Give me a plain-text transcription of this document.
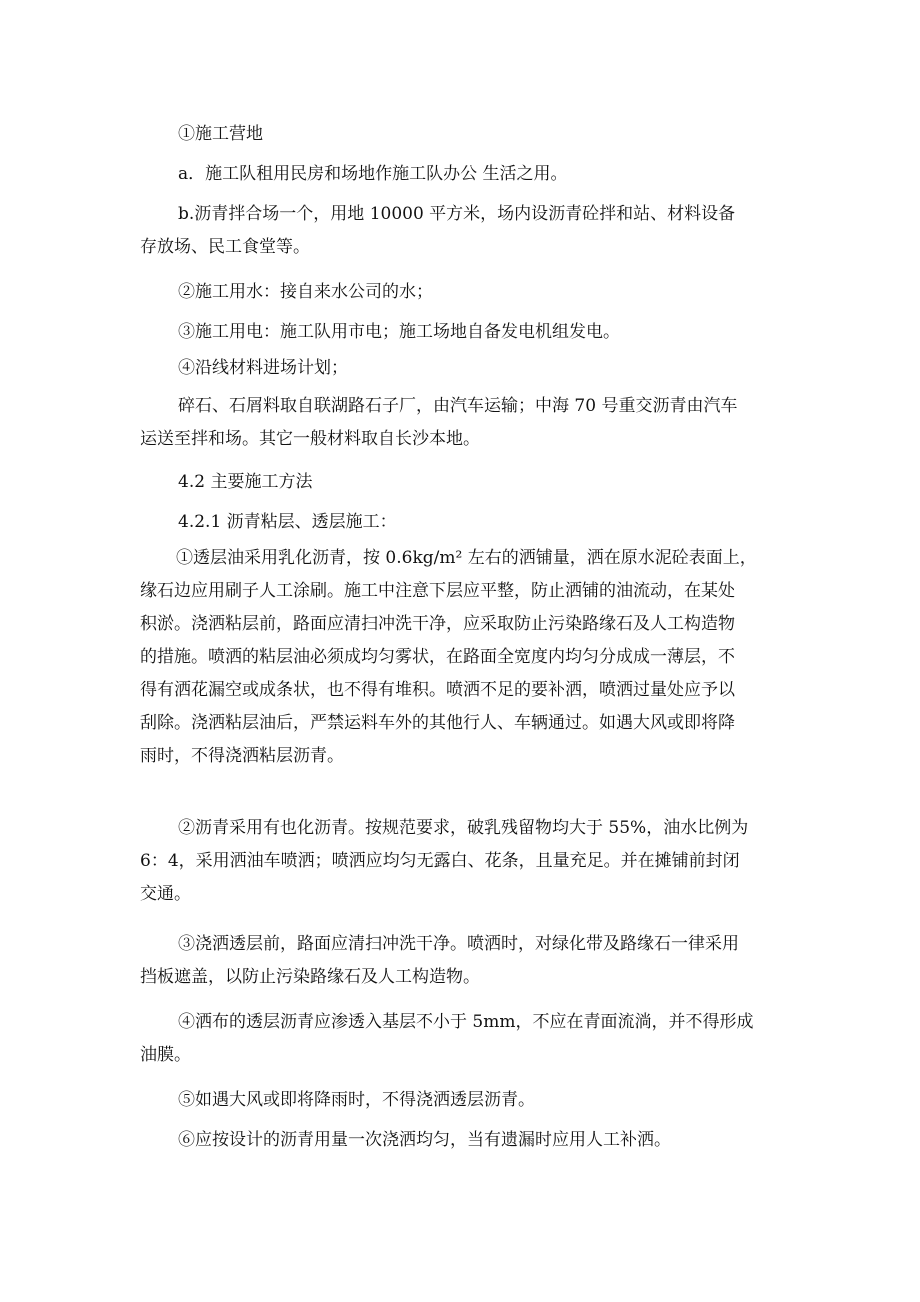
①施工营地
a．施工队租用民房和场地作施工队办公 生活之用。
b.沥青拌合场一个，用地 10000 平方米，场内设沥青砼拌和站、材料设备
存放场、民工食堂等。
②施工用水：接自来水公司的水；
③施工用电：施工队用市电；施工场地自备发电机组发电。
④沿线材料进场计划；
碎石、石屑料取自联湖路石子厂，由汽车运输；中海 70 号重交沥青由汽车
运送至拌和场。其它一般材料取自长沙本地。
4.2 主要施工方法
4.2.1 沥青粘层、透层施工：
①透层油采用乳化沥青，按 0.6kg/m² 左右的洒铺量，洒在原水泥砼表面上，
缘石边应用刷子人工涂刷。施工中注意下层应平整，防止洒铺的油流动，在某处
积淤。浇洒粘层前，路面应清扫冲洗干净，应采取防止污染路缘石及人工构造物
的措施。喷洒的粘层油必须成均匀雾状，在路面全宽度内均匀分成成一薄层，不
得有洒花漏空或成条状，也不得有堆积。喷洒不足的要补洒，喷洒过量处应予以
刮除。浇洒粘层油后，严禁运料车外的其他行人、车辆通过。如遇大风或即将降
雨时，不得浇洒粘层沥青。
②沥青采用有也化沥青。按规范要求，破乳残留物均大于 55%，油水比例为
6：4，采用洒油车喷洒；喷洒应均匀无露白、花条，且量充足。并在摊铺前封闭
交通。
③浇洒透层前，路面应清扫冲洗干净。喷洒时，对绿化带及路缘石一律采用
挡板遮盖，以防止污染路缘石及人工构造物。
④洒布的透层沥青应渗透入基层不小于 5mm，不应在青面流淌，并不得形成
油膜。
⑤如遇大风或即将降雨时，不得浇洒透层沥青。
⑥应按设计的沥青用量一次浇洒均匀，当有遗漏时应用人工补洒。
